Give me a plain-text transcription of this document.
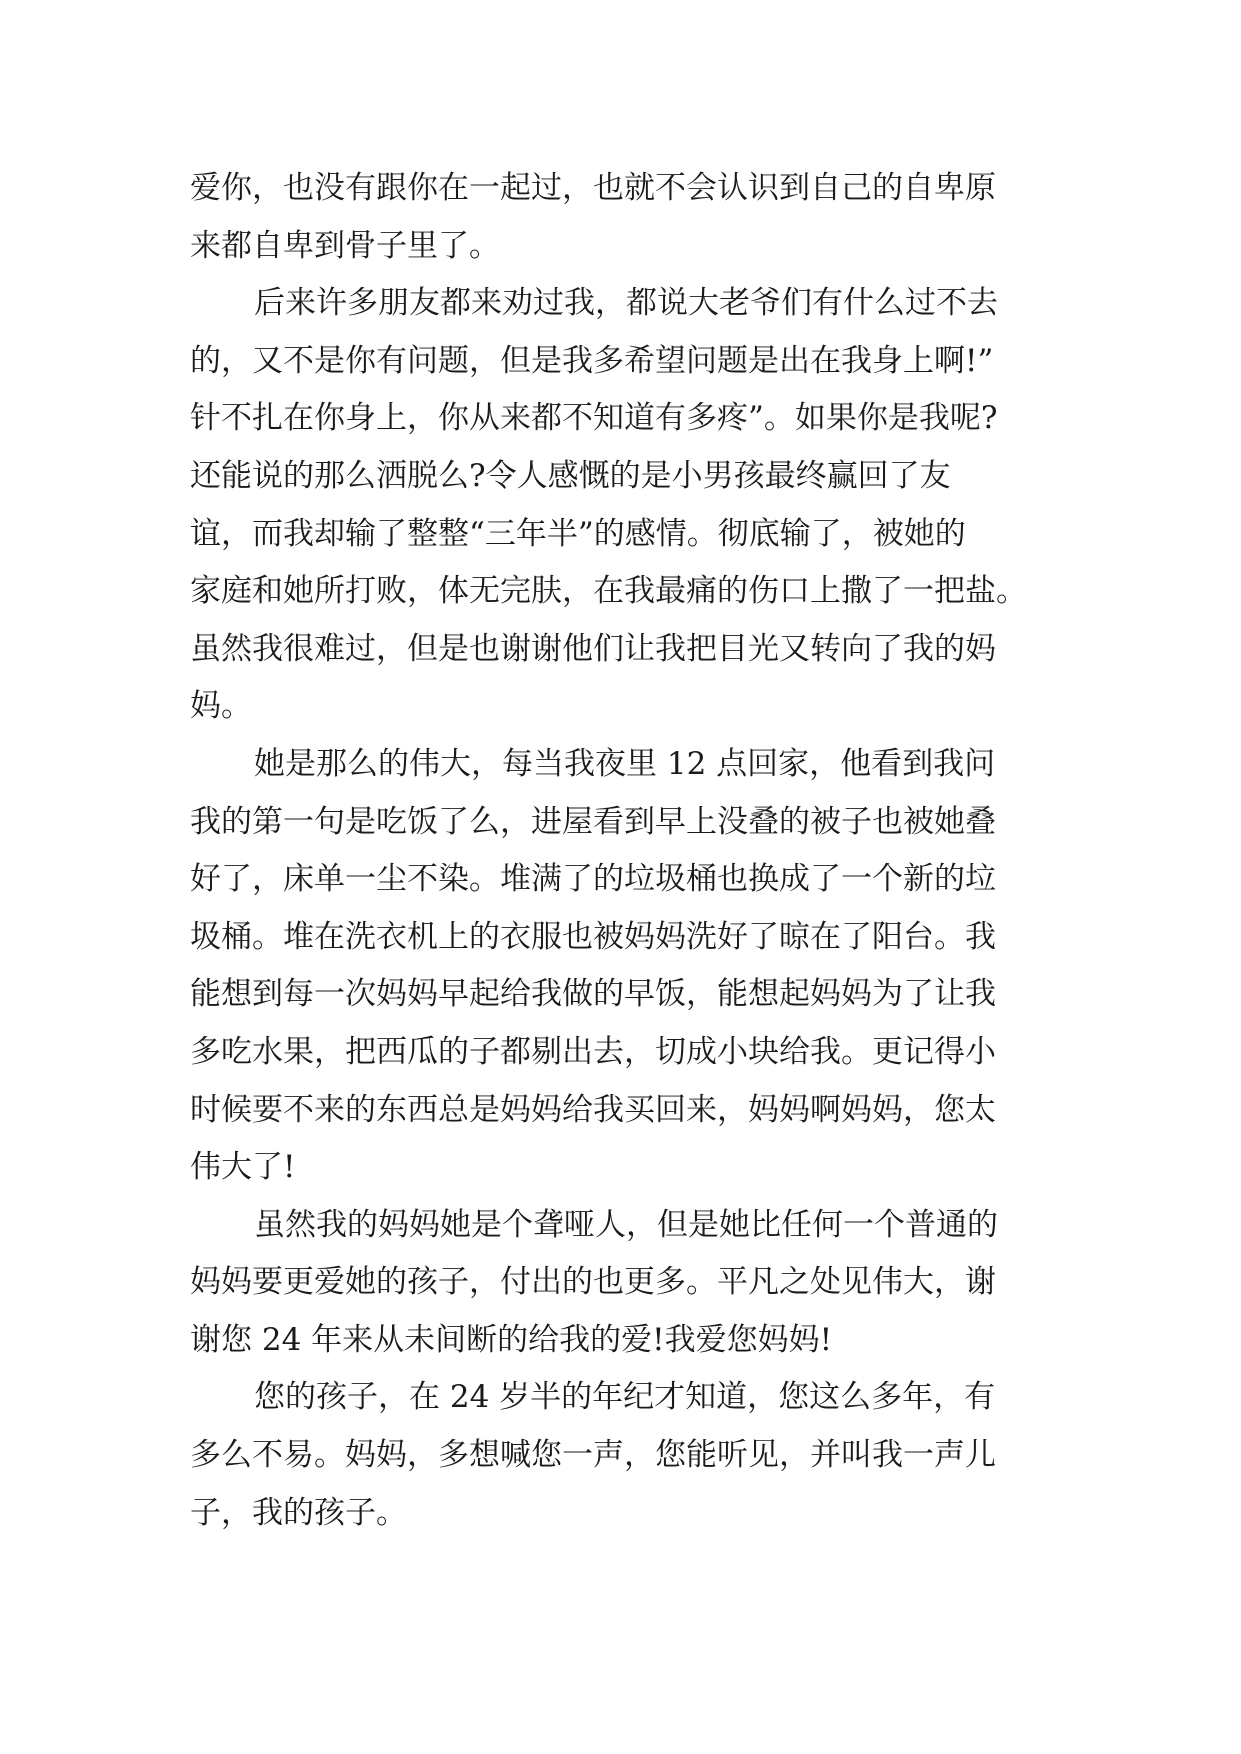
爱你，也没有跟你在一起过，也就不会认识到自己的自卑原
来都自卑到骨子里了。

后来许多朋友都来劝过我，都说大老爷们有什么过不去
的，又不是你有问题，但是我多希望问题是出在我身上啊!”
针不扎在你身上，你从来都不知道有多疼”。如果你是我呢?
还能说的那么洒脱么?令人感慨的是小男孩最终赢回了友
谊，而我却输了整整“三年半”的感情。彻底输了，被她的
家庭和她所打败，体无完肤，在我最痛的伤口上撒了一把盐。
虽然我很难过，但是也谢谢他们让我把目光又转向了我的妈
妈。

她是那么的伟大，每当我夜里 12 点回家，他看到我问
我的第一句是吃饭了么，进屋看到早上没叠的被子也被她叠
好了，床单一尘不染。堆满了的垃圾桶也换成了一个新的垃
圾桶。堆在洗衣机上的衣服也被妈妈洗好了晾在了阳台。我
能想到每一次妈妈早起给我做的早饭，能想起妈妈为了让我
多吃水果，把西瓜的子都剔出去，切成小块给我。更记得小
时候要不来的东西总是妈妈给我买回来，妈妈啊妈妈，您太
伟大了!

虽然我的妈妈她是个聋哑人，但是她比任何一个普通的
妈妈要更爱她的孩子，付出的也更多。平凡之处见伟大，谢
谢您 24 年来从未间断的给我的爱!我爱您妈妈!

您的孩子，在 24 岁半的年纪才知道，您这么多年，有
多么不易。妈妈，多想喊您一声，您能听见，并叫我一声儿
子，我的孩子。
